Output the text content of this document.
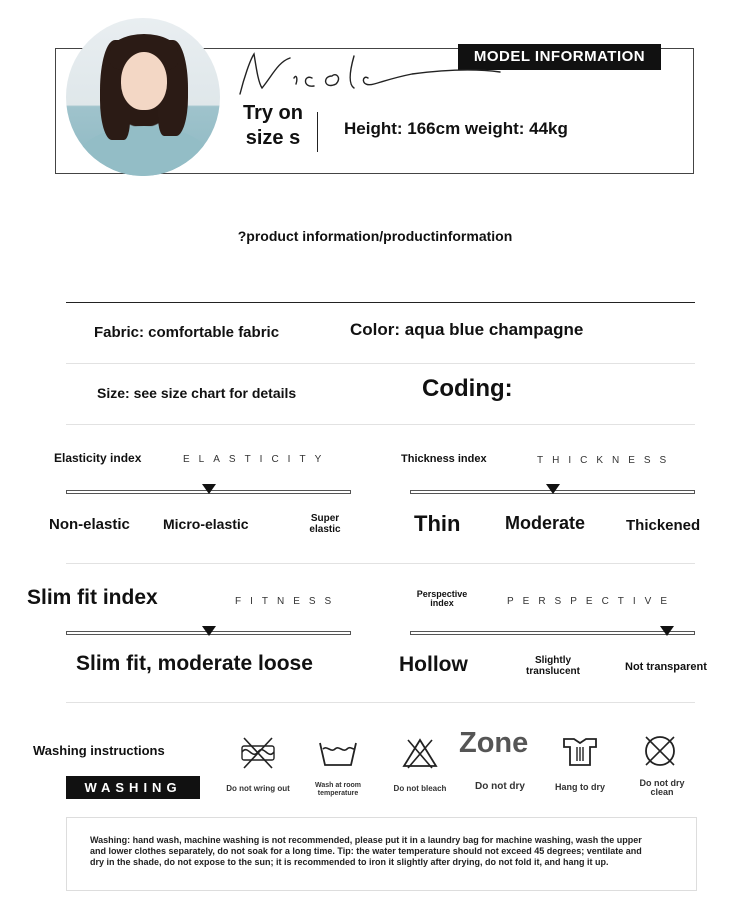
MODEL INFORMATION
Nicole
Try on size s	Height: 166cm weight: 44kg
?product information/productinformation
Fabric: comfortable fabric	Color: aqua blue champagne
Size: see size chart for details	Coding:
Elasticity index	ELASTICITY
Non-elastic Micro-elastic	Super elastic
Thickness index	THICKNESS
Thin Moderate	Thickened
Slim fit index	FITNESS
Slim fit, moderate loose
Perspective index	PERSPECTIVE
Hollow	Slightly translucent	Not transparent
Washing instructions
WASHING	Do not wring out	Wash at room temperature
Do not bleach
Zone
Do not dry	Hang to dry	Do not dry clean
Washing: hand wash, machine washing is not recommended, please put it in a laundry bag for machine washing, wash the upper and lower clothes separately, do not soak for a long time. Tip: the water temperature should not exceed 45 degrees; ventilate and dry in the shade, do not expose to the sun; it is recommended to iron it slightly after drying, do not fold it, and hang it up.
